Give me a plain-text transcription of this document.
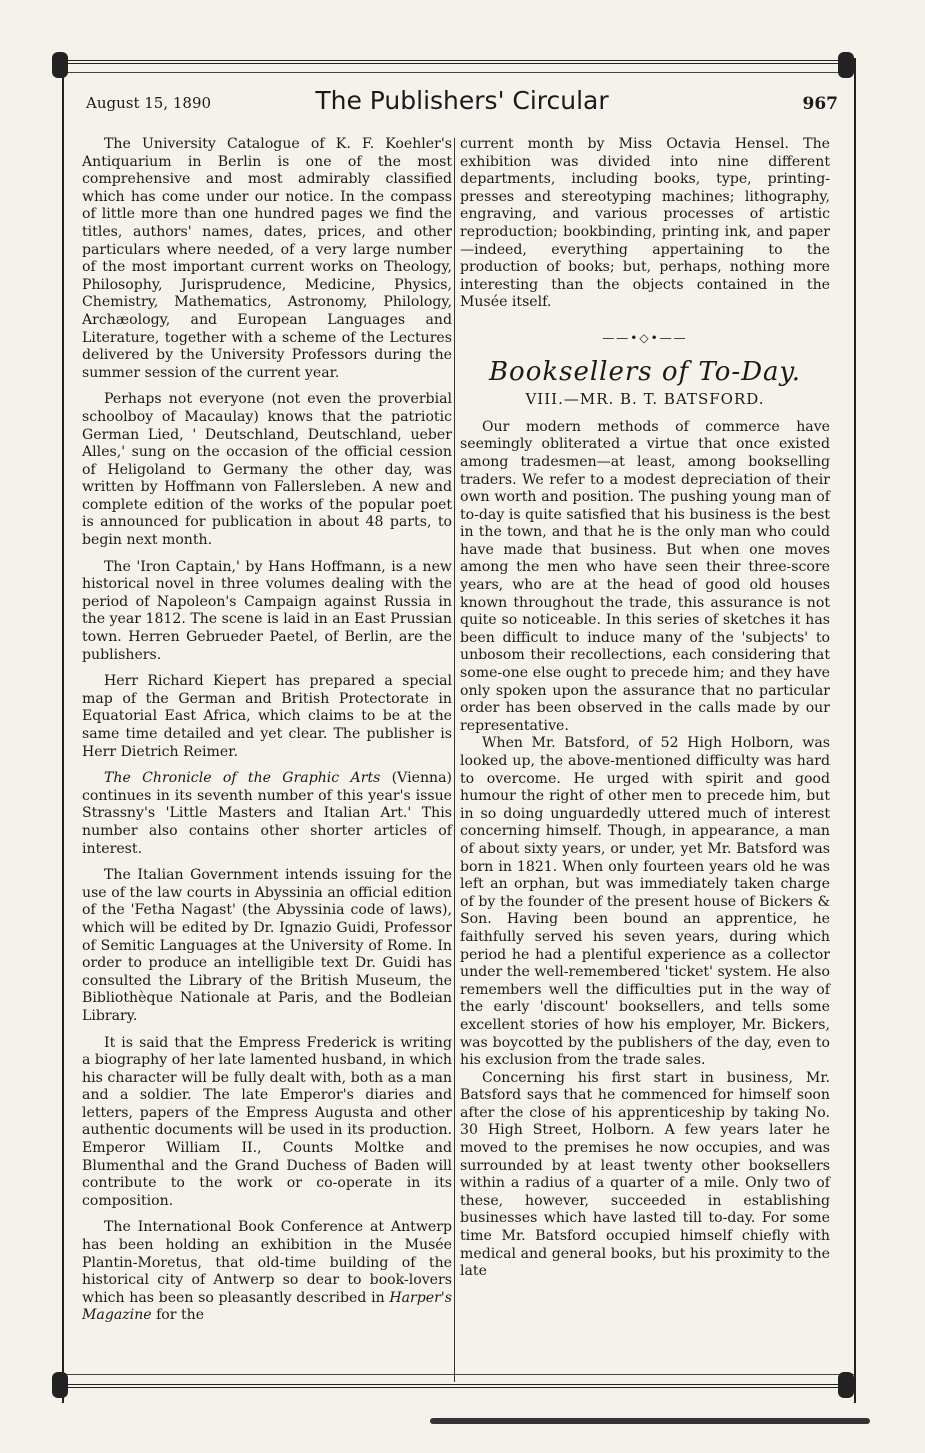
August 15, 1890	The Publishers' Circular	967

The University Catalogue of K. F. Koehler's Antiquarium in Berlin is one of the most comprehensive and most admirably classified which has come under our notice. In the compass of little more than one hundred pages we find the titles, authors' names, dates, prices, and other particulars where needed, of a very large number of the most important current works on Theology, Philosophy, Jurisprudence, Medicine, Physics, Chemistry, Mathematics, Astronomy, Philology, Archæology, and European Languages and Literature, together with a scheme of the Lectures delivered by the University Professors during the summer session of the current year.

Perhaps not everyone (not even the proverbial schoolboy of Macaulay) knows that the patriotic German Lied, ' Deutschland, Deutschland, ueber Alles,' sung on the occasion of the official cession of Heligoland to Germany the other day, was written by Hoffmann von Fallersleben. A new and complete edition of the works of the popular poet is announced for publication in about 48 parts, to begin next month.

The 'Iron Captain,' by Hans Hoffmann, is a new historical novel in three volumes dealing with the period of Napoleon's Campaign against Russia in the year 1812. The scene is laid in an East Prussian town. Herren Gebrueder Paetel, of Berlin, are the publishers.

Herr Richard Kiepert has prepared a special map of the German and British Protectorate in Equatorial East Africa, which claims to be at the same time detailed and yet clear. The publisher is Herr Dietrich Reimer.

The Chronicle of the Graphic Arts (Vienna) continues in its seventh number of this year's issue Strassny's 'Little Masters and Italian Art.' This number also contains other shorter articles of interest.

The Italian Government intends issuing for the use of the law courts in Abyssinia an official edition of the 'Fetha Nagast' (the Abyssinia code of laws), which will be edited by Dr. Ignazio Guidi, Professor of Semitic Languages at the University of Rome. In order to produce an intelligible text Dr. Guidi has consulted the Library of the British Museum, the Bibliothèque Nationale at Paris, and the Bodleian Library.

It is said that the Empress Frederick is writing a biography of her late lamented husband, in which his character will be fully dealt with, both as a man and a soldier. The late Emperor's diaries and letters, papers of the Empress Augusta and other authentic documents will be used in its production. Emperor William II., Counts Moltke and Blumenthal and the Grand Duchess of Baden will contribute to the work or co-operate in its composition.

The International Book Conference at Antwerp has been holding an exhibition in the Musée Plantin-Moretus, that old-time building of the historical city of Antwerp so dear to book-lovers which has been so pleasantly described in Harper's Magazine for the

current month by Miss Octavia Hensel. The exhibition was divided into nine different departments, including books, type, printing-presses and stereotyping machines; lithography, engraving, and various processes of artistic reproduction; bookbinding, printing ink, and paper—indeed, everything appertaining to the production of books; but, perhaps, nothing more interesting than the objects contained in the Musée itself.

——•◇•——
Booksellers of To-Day.
VIII.—MR. B. T. BATSFORD.

Our modern methods of commerce have seemingly obliterated a virtue that once existed among tradesmen—at least, among bookselling traders. We refer to a modest depreciation of their own worth and position. The pushing young man of to-day is quite satisfied that his business is the best in the town, and that he is the only man who could have made that business. But when one moves among the men who have seen their three-score years, who are at the head of good old houses known throughout the trade, this assurance is not quite so noticeable. In this series of sketches it has been difficult to induce many of the 'subjects' to unbosom their recollections, each considering that some-one else ought to precede him; and they have only spoken upon the assurance that no particular order has been observed in the calls made by our representative.

When Mr. Batsford, of 52 High Holborn, was looked up, the above-mentioned difficulty was hard to overcome. He urged with spirit and good humour the right of other men to precede him, but in so doing unguardedly uttered much of interest concerning himself. Though, in appearance, a man of about sixty years, or under, yet Mr. Batsford was born in 1821. When only fourteen years old he was left an orphan, but was immediately taken charge of by the founder of the present house of Bickers & Son. Having been bound an apprentice, he faithfully served his seven years, during which period he had a plentiful experience as a collector under the well-remembered 'ticket' system. He also remembers well the difficulties put in the way of the early 'discount' booksellers, and tells some excellent stories of how his employer, Mr. Bickers, was boycotted by the publishers of the day, even to his exclusion from the trade sales.

Concerning his first start in business, Mr. Batsford says that he commenced for himself soon after the close of his apprenticeship by taking No. 30 High Street, Holborn. A few years later he moved to the premises he now occupies, and was surrounded by at least twenty other booksellers within a radius of a quarter of a mile. Only two of these, however, succeeded in establishing businesses which have lasted till to-day. For some time Mr. Batsford occupied himself chiefly with medical and general books, but his proximity to the late
